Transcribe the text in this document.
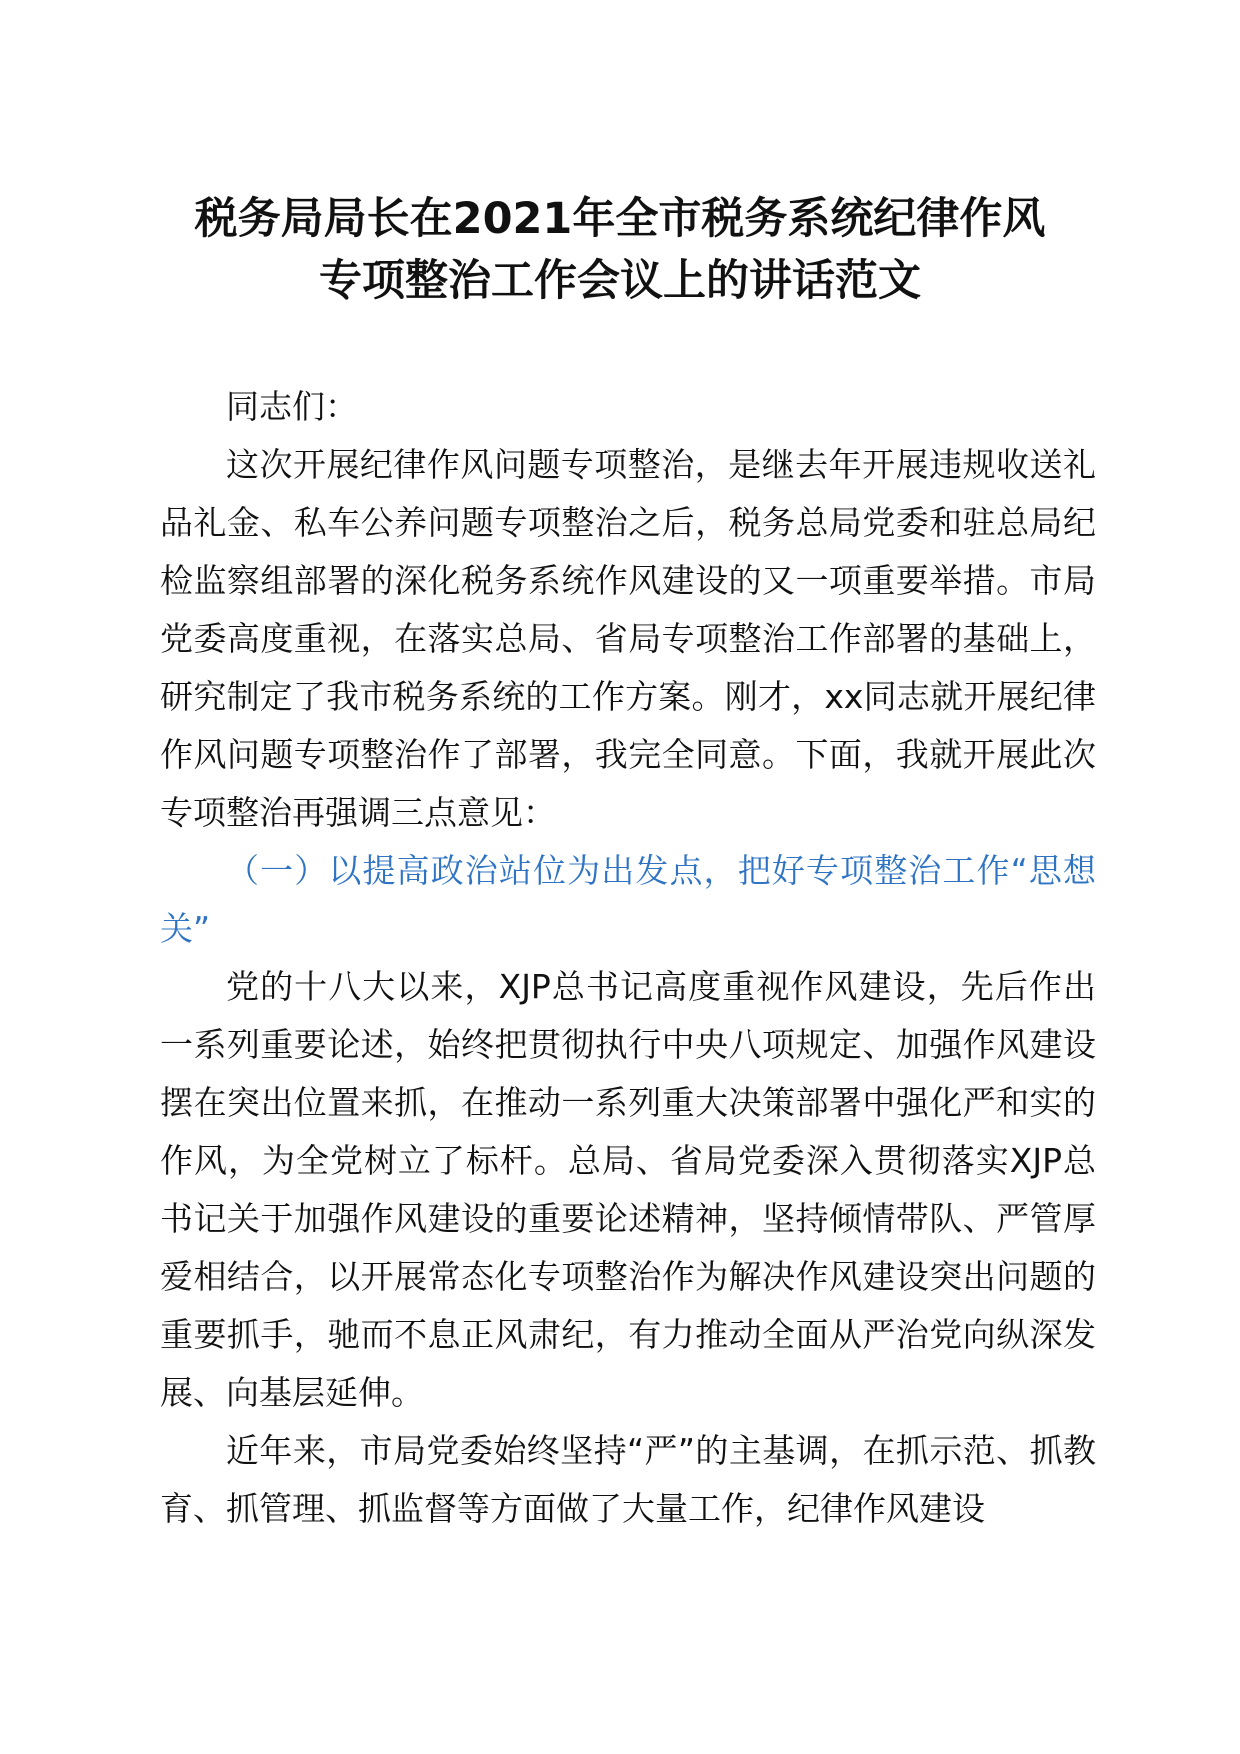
税务局局长在2021年全市税务系统纪律作风
专项整治工作会议上的讲话范文

同志们：

这次开展纪律作风问题专项整治，是继去年开展违规收送礼品礼金、私车公养问题专项整治之后，税务总局党委和驻总局纪检监察组部署的深化税务系统作风建设的又一项重要举措。市局党委高度重视，在落实总局、省局专项整治工作部署的基础上，研究制定了我市税务系统的工作方案。刚才，xx同志就开展纪律作风问题专项整治作了部署，我完全同意。下面，我就开展此次专项整治再强调三点意见：

（一）以提高政治站位为出发点，把好专项整治工作“思想关”

党的十八大以来，XJP总书记高度重视作风建设，先后作出一系列重要论述，始终把贯彻执行中央八项规定、加强作风建设摆在突出位置来抓，在推动一系列重大决策部署中强化严和实的作风，为全党树立了标杆。总局、省局党委深入贯彻落实XJP总书记关于加强作风建设的重要论述精神，坚持倾情带队、严管厚爱相结合，以开展常态化专项整治作为解决作风建设突出问题的重要抓手，驰而不息正风肃纪，有力推动全面从严治党向纵深发展、向基层延伸。

近年来，市局党委始终坚持“严”的主基调，在抓示范、抓教育、抓管理、抓监督等方面做了大量工作，纪律作风建设
